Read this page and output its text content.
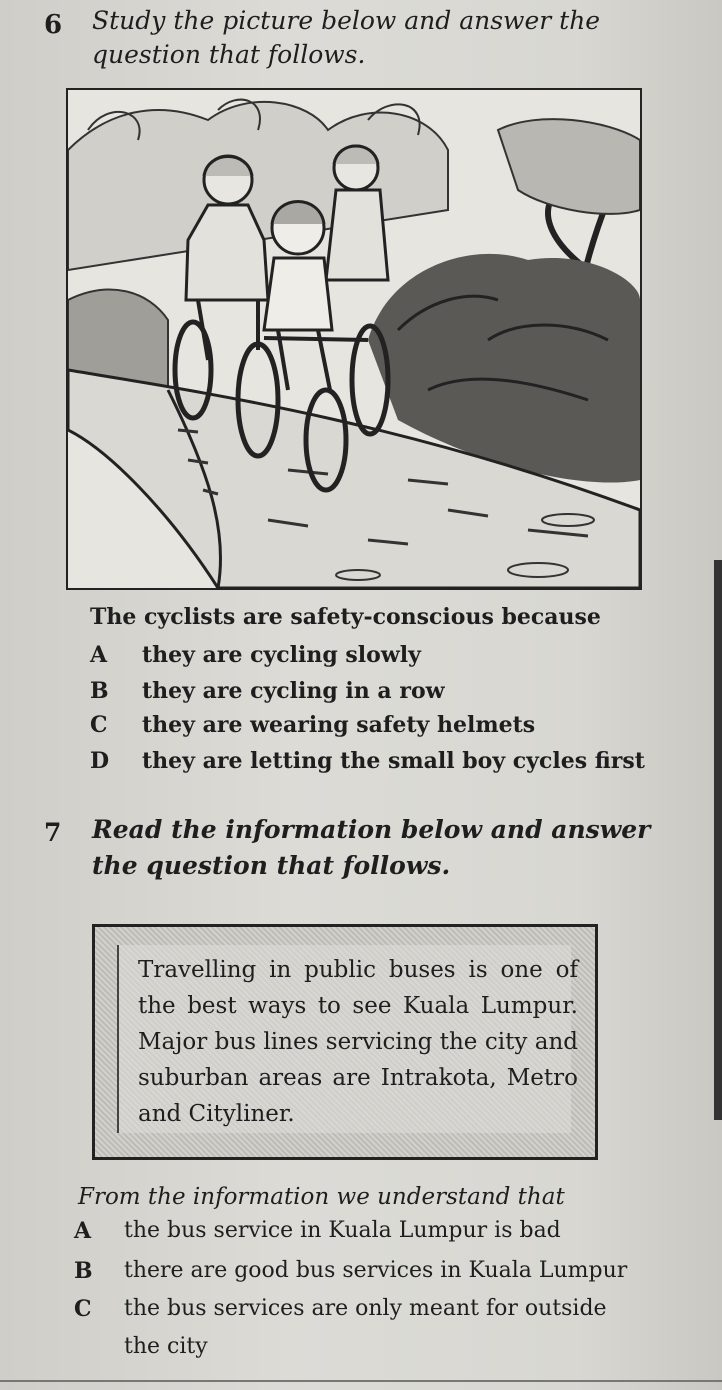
6 Study the picture below and answer the question that follows.
The cyclists are safety-conscious because
A they are cycling slowly
B they are cycling in a row
C they are wearing safety helmets
D they are letting the small boy cycles first
7 Read the information below and answer the question that follows.
Travelling in public buses is one of the best ways to see Kuala Lumpur. Major bus lines servicing the city and suburban areas are Intrakota, Metro and Cityliner.
From the information we understand that
A the bus service in Kuala Lumpur is bad
B there are good bus services in Kuala Lumpur
C the bus services are only meant for outside
the city
